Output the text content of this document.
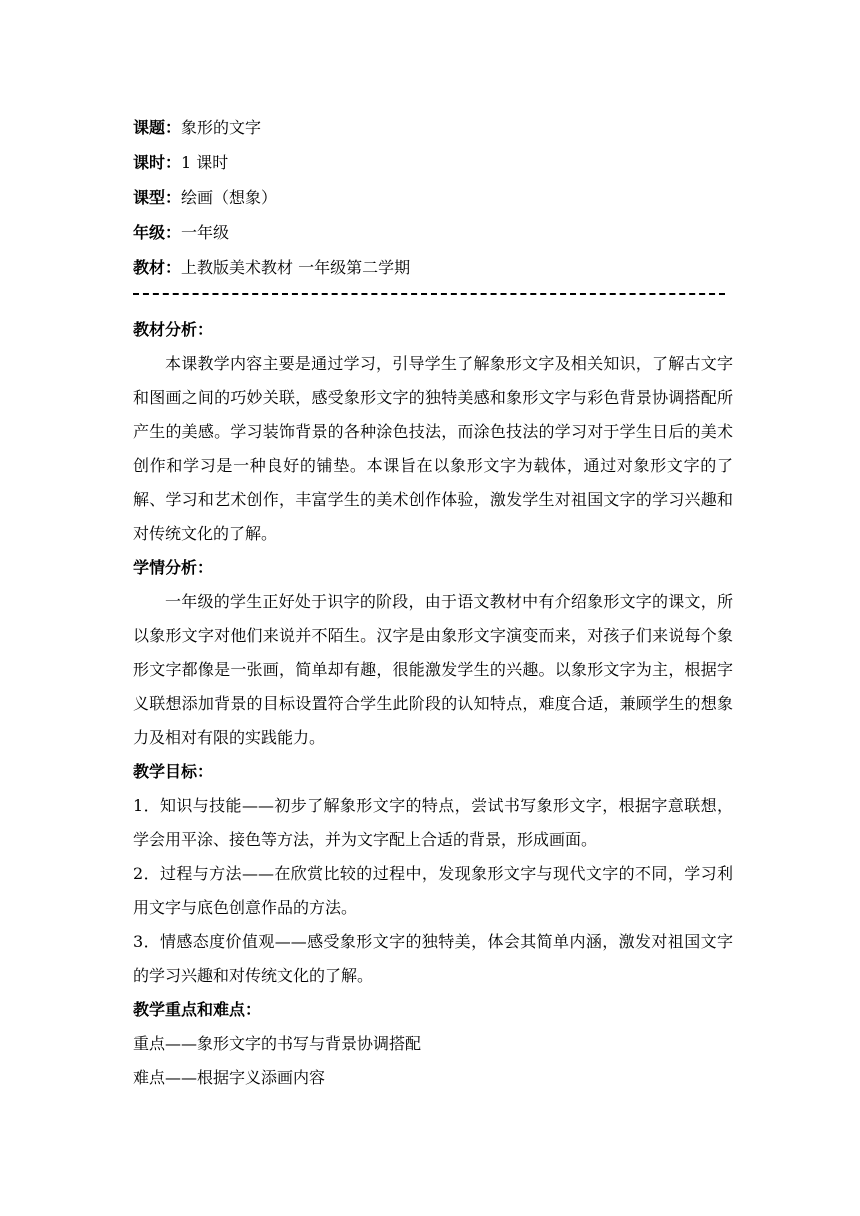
课题：象形的文字
课时：1 课时
课型：绘画（想象）
年级：一年级
教材：上教版美术教材 一年级第二学期
教材分析：

本课教学内容主要是通过学习，引导学生了解象形文字及相关知识，了解古文字和图画之间的巧妙关联，感受象形文字的独特美感和象形文字与彩色背景协调搭配所产生的美感。学习装饰背景的各种涂色技法，而涂色技法的学习对于学生日后的美术创作和学习是一种良好的铺垫。本课旨在以象形文字为载体，通过对象形文字的了解、学习和艺术创作，丰富学生的美术创作体验，激发学生对祖国文字的学习兴趣和对传统文化的了解。

学情分析：

一年级的学生正好处于识字的阶段，由于语文教材中有介绍象形文字的课文，所以象形文字对他们来说并不陌生。汉字是由象形文字演变而来，对孩子们来说每个象形文字都像是一张画，简单却有趣，很能激发学生的兴趣。以象形文字为主，根据字义联想添加背景的目标设置符合学生此阶段的认知特点，难度合适，兼顾学生的想象力及相对有限的实践能力。

教学目标：

1．知识与技能——初步了解象形文字的特点，尝试书写象形文字，根据字意联想，学会用平涂、接色等方法，并为文字配上合适的背景，形成画面。

2．过程与方法——在欣赏比较的过程中，发现象形文字与现代文字的不同，学习利用文字与底色创意作品的方法。

3．情感态度价值观——感受象形文字的独特美，体会其简单内涵，激发对祖国文字的学习兴趣和对传统文化的了解。

教学重点和难点：
重点——象形文字的书写与背景协调搭配
难点——根据字义添画内容
